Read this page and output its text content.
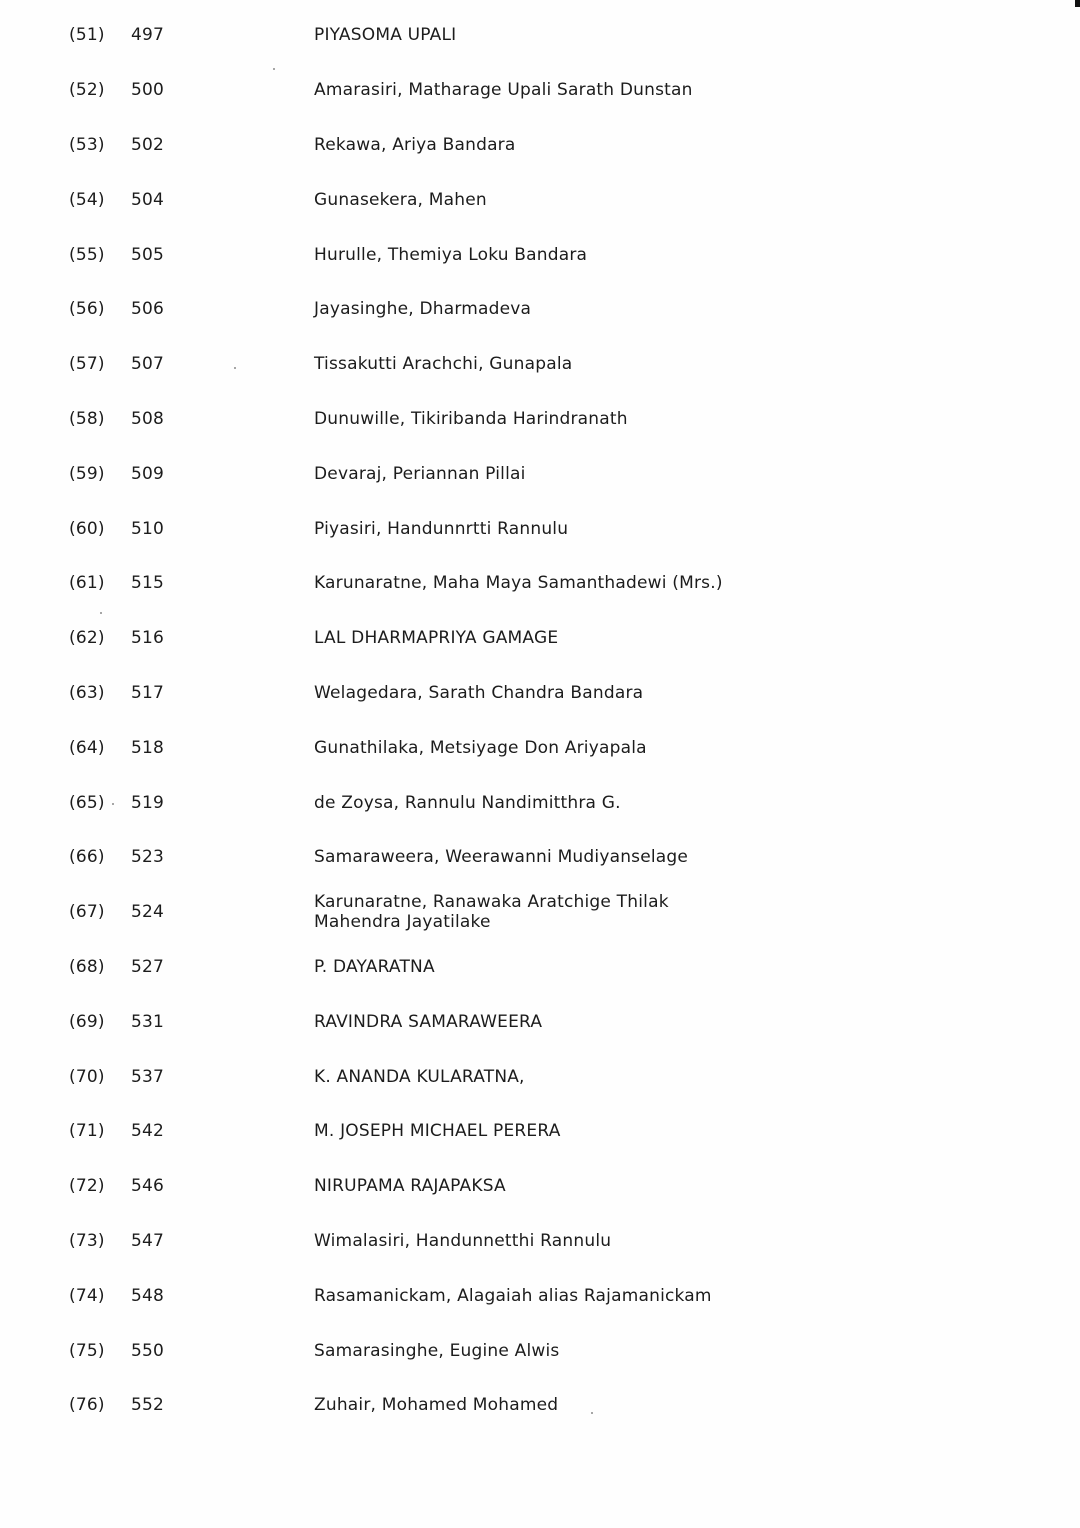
(51)	497	PIYASOMA UPALI
(52)	500	Amarasiri, Matharage Upali Sarath Dunstan
(53)	502	Rekawa, Ariya Bandara
(54)	504	Gunasekera, Mahen
(55)	505	Hurulle, Themiya Loku Bandara
(56)	506	Jayasinghe, Dharmadeva
(57)	507	Tissakutti Arachchi, Gunapala
(58)	508	Dunuwille, Tikiribanda Harindranath
(59)	509	Devaraj, Periannan Pillai
(60)	510	Piyasiri, Handunnrtti Rannulu
(61)	515	Karunaratne, Maha Maya Samanthadewi (Mrs.)
(62)	516	LAL DHARMAPRIYA GAMAGE
(63)	517	Welagedara, Sarath Chandra Bandara
(64)	518	Gunathilaka, Metsiyage Don Ariyapala
(65)	519	de Zoysa, Rannulu Nandimitthra G.
(66)	523	Samaraweera, Weerawanni Mudiyanselage
(67)	524	Karunaratne, Ranawaka Aratchige Thilak Mahendra Jayatilake
(68)	527	P. DAYARATNA
(69)	531	RAVINDRA SAMARAWEERA
(70)	537	K. ANANDA KULARATNA,
(71)	542	M. JOSEPH MICHAEL PERERA
(72)	546	NIRUPAMA RAJAPAKSA
(73)	547	Wimalasiri, Handunnetthi Rannulu
(74)	548	Rasamanickam, Alagaiah alias Rajamanickam
(75)	550	Samarasinghe, Eugine Alwis
(76)	552	Zuhair, Mohamed Mohamed
